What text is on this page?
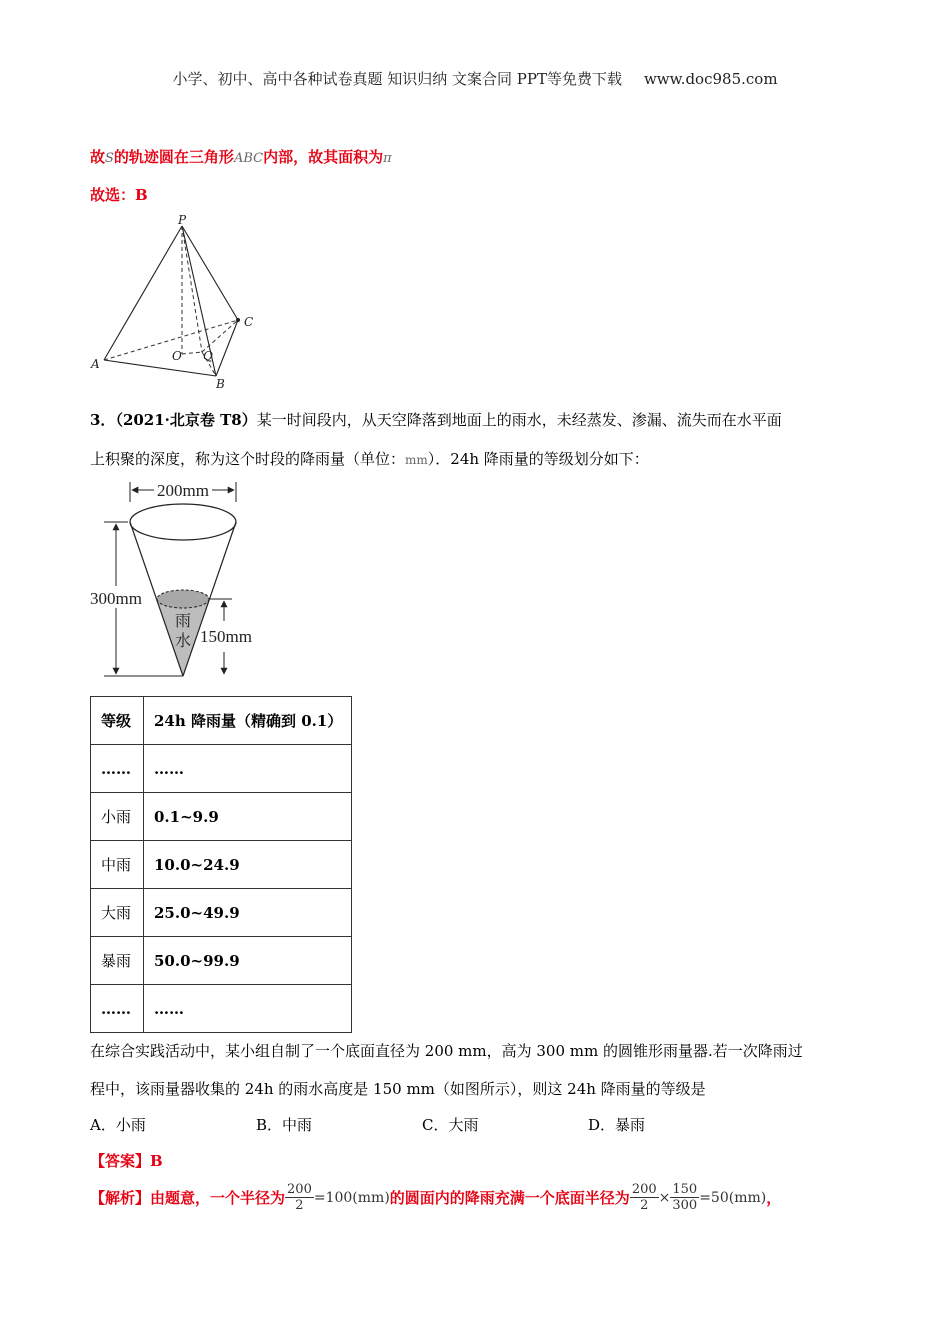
小学、初中、高中各种试卷真题 知识归纳 文案合同 PPT等免费下载 www.doc985.com
故S的轨迹圆在三角形ABC内部，故其面积为π
故选：B
P
A
B
C
O Q
3．（2021·北京卷 T8）某一时间段内，从天空降落到地面上的雨水，未经蒸发、渗漏、流失而在水平面
上积聚的深度，称为这个时段的降雨量（单位：mm）．24h 降雨量的等级划分如下：
200mm
雨
水
300mm
150mm
等级	24h 降雨量（精确到 0.1）
……	……
小雨	0.1~9.9
中雨	10.0~24.9
大雨	25.0~49.9
暴雨	50.0~99.9
……	……
在综合实践活动中，某小组自制了一个底面直径为 200 mm，高为 300 mm 的圆锥形雨量器.若一次降雨过
程中，该雨量器收集的 24h 的雨水高度是 150 mm（如图所示），则这 24h 降雨量的等级是
A．小雨	B．中雨	C．大雨	D．暴雨
【答案】B
【解析】 由题意，一个半径为 $\frac{200}{2} =100(mm)$ 的圆面内的降雨充满一个底面半径为 $\frac{200}{2} \times \frac{150}{300} =50(mm)$ ，
